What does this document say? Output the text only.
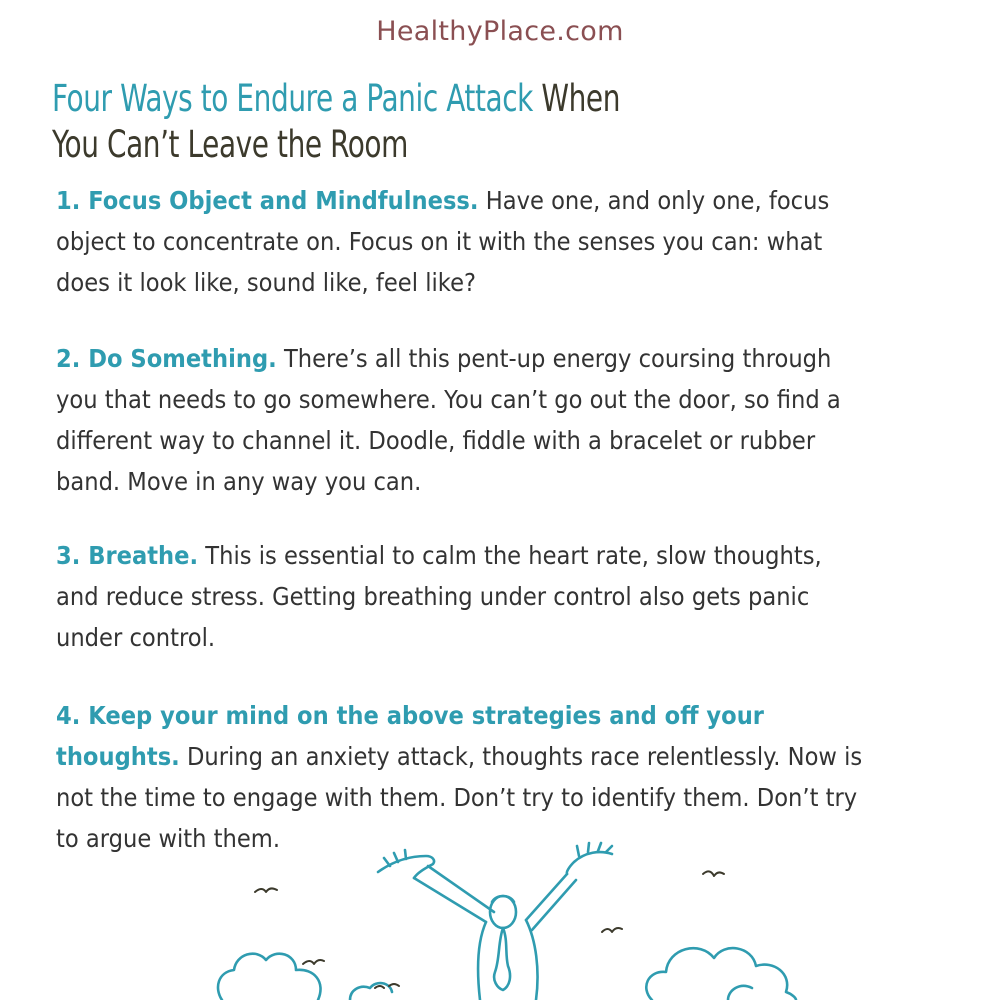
HealthyPlace.com
Four Ways to Endure a Panic Attack When You Can’t Leave the Room
1. Focus Object and Mindfulness. Have one, and only one, focus object to concentrate on. Focus on it with the senses you can: what does it look like, sound like, feel like?
2. Do Something. There’s all this pent-up energy coursing through you that needs to go somewhere. You can’t go out the door, so find a different way to channel it. Doodle, fiddle with a bracelet or rubber band. Move in any way you can.
3. Breathe. This is essential to calm the heart rate, slow thoughts, and reduce stress. Getting breathing under control also gets panic under control.
4. Keep your mind on the above strategies and off your thoughts. During an anxiety attack, thoughts race relentlessly. Now is not the time to engage with them. Don’t try to identify them. Don’t try to argue with them.
